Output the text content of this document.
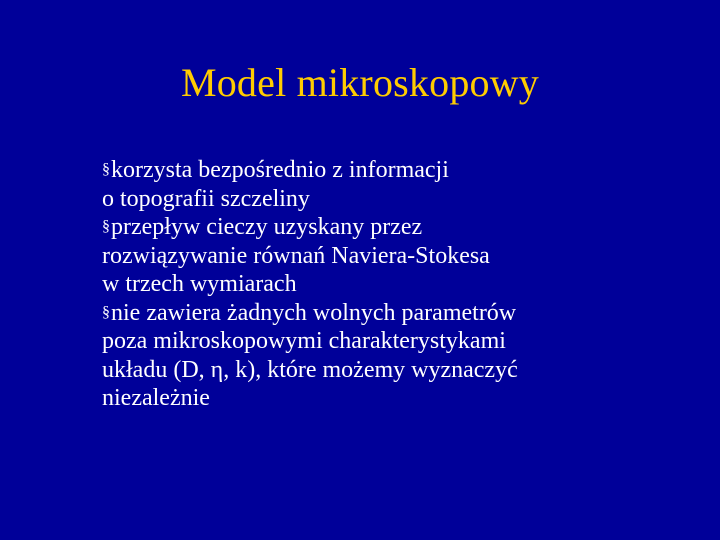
Model mikroskopowy
§korzysta bezpośrednio z informacji
o topografii szczeliny
§przepływ cieczy uzyskany przez
rozwiązywanie równań Naviera-Stokesa
w trzech wymiarach
§nie zawiera żadnych wolnych parametrów
poza mikroskopowymi charakterystykami
układu (D, η, k), które możemy wyznaczyć
niezależnie
